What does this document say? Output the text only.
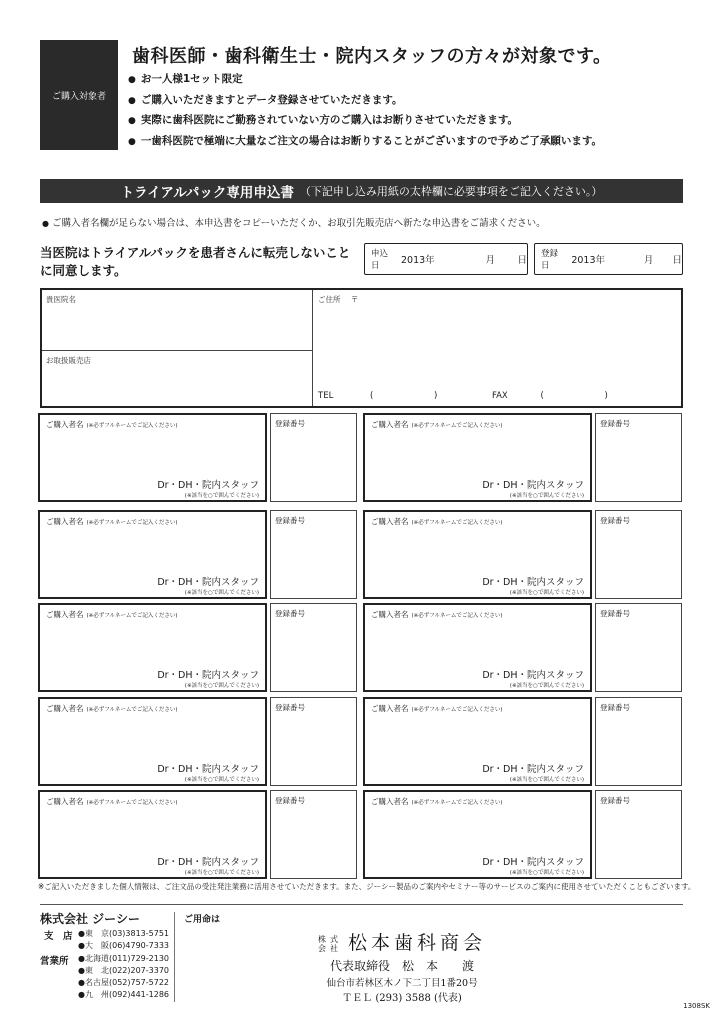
ご購入対象者
歯科医師・歯科衛生士・院内スタッフの方々が対象です。
● お一人様1セット限定
● ご購入いただきますとデータ登録させていただきます。
● 実際に歯科医院にご勤務されていない方のご購入はお断りさせていただきます。
● 一歯科医院で極端に大量なご注文の場合はお断りすることがございますので予めご了承願います。
トライアルパック専用申込書 （下記申し込み用紙の太枠欄に必要事項をご記入ください。）
● ご購入者名欄が足らない場合は、本申込書をコピーいただくか、お取引先販売店へ新たな申込書をご請求ください。
当医院はトライアルパックを患者さんに転売しないことに同意します。
申込日	2013年	月	日
登録日	2013年	月	日
貴医院名
お取扱販売店
ご住所 〒
TEL	(	)	FAX	(	)
ご購入者名 (※必ずフルネームでご記入ください)
Dr・DH・院内スタッフ
(※該当を○で囲んでください)
登録番号	ご購入者名 (※必ずフルネームでご記入ください)
Dr・DH・院内スタッフ
(※該当を○で囲んでください)
登録番号
ご購入者名 (※必ずフルネームでご記入ください)
Dr・DH・院内スタッフ
(※該当を○で囲んでください)
登録番号	ご購入者名 (※必ずフルネームでご記入ください)
Dr・DH・院内スタッフ
(※該当を○で囲んでください)
登録番号
ご購入者名 (※必ずフルネームでご記入ください)
Dr・DH・院内スタッフ
(※該当を○で囲んでください)
登録番号	ご購入者名 (※必ずフルネームでご記入ください)
Dr・DH・院内スタッフ
(※該当を○で囲んでください)
登録番号
ご購入者名 (※必ずフルネームでご記入ください)
Dr・DH・院内スタッフ
(※該当を○で囲んでください)
登録番号	ご購入者名 (※必ずフルネームでご記入ください)
Dr・DH・院内スタッフ
(※該当を○で囲んでください)
登録番号
ご購入者名 (※必ずフルネームでご記入ください)
Dr・DH・院内スタッフ
(※該当を○で囲んでください)
登録番号	ご購入者名 (※必ずフルネームでご記入ください)
Dr・DH・院内スタッフ
(※該当を○で囲んでください)
登録番号
※ご記入いただきました個人情報は、ご注文品の受注発注業務に活用させていただきます。また、ジーシー製品のご案内やセミナー等のサービスのご案内に使用させていただくこともございます。
株式会社 ジーシー
支　店
営業所
●東　京(03)3813-5751
●大　阪(06)4790-7333
●北海道(011)729-2130
●東　北(022)207-3370
●名古屋(052)757-5722
●九　州(092)441-1286
ご用命は
株式
会社 松本歯科商会
代表取締役　松　本　　渡
仙台市若林区木ノ下二丁目1番20号
ＴＥＬ (293) 3588 (代表)
1308SK
